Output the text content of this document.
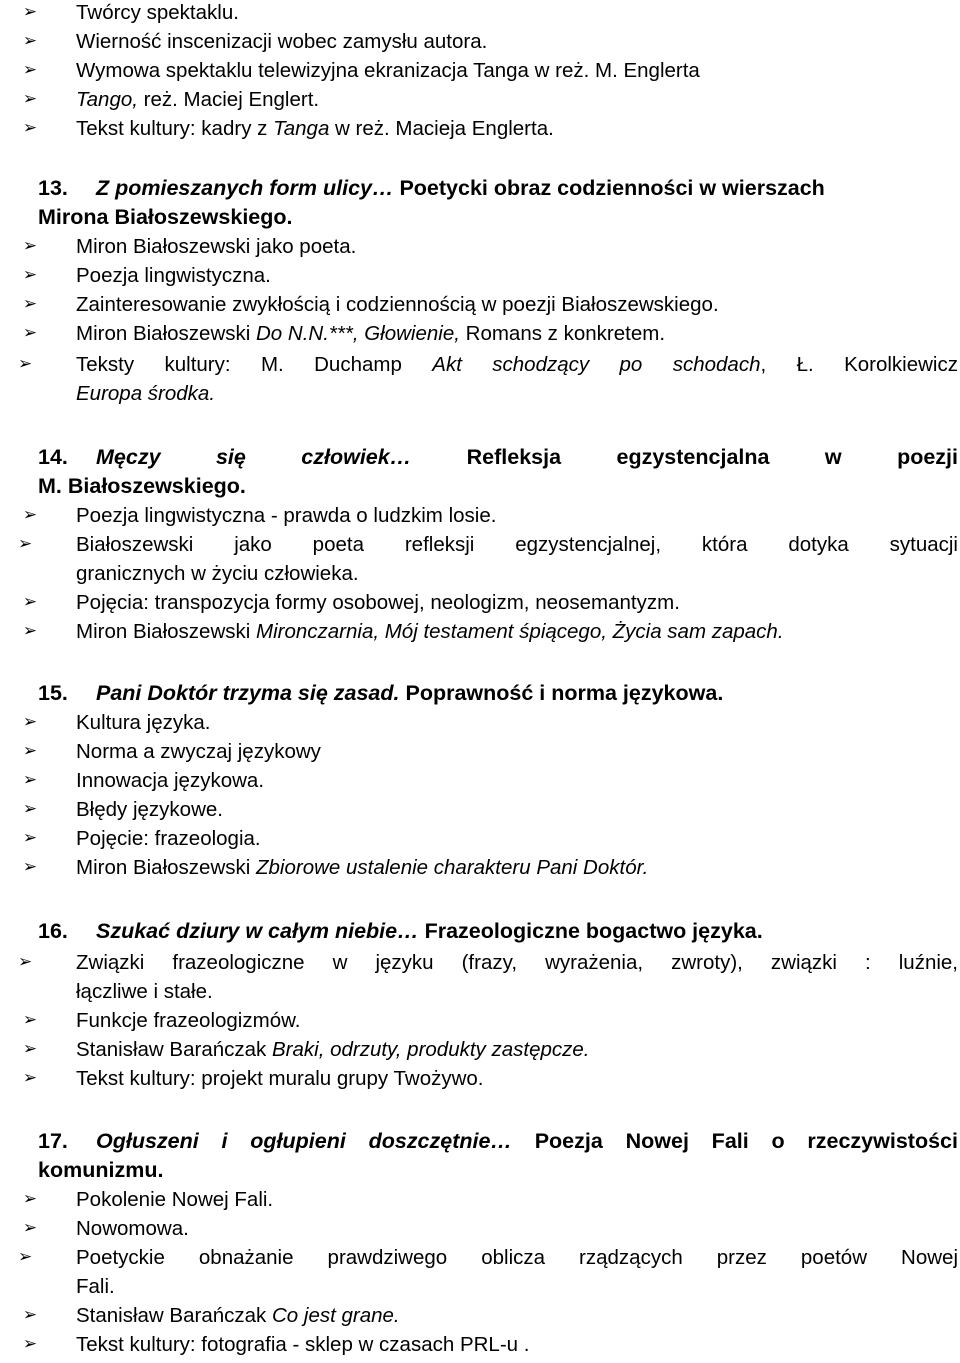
➢ Twórcy spektaklu.
➢ Wierność inscenizacji wobec zamysłu autora.
➢ Wymowa spektaklu telewizyjna ekranizacja Tanga w reż. M. Englerta
➢ Tango, reż. Maciej Englert.
➢ Tekst kultury: kadry z Tanga w reż. Macieja Englerta.
13. Z pomieszanych form ulicy… Poetycki obraz codzienności w wierszach
Mirona Białoszewskiego.
➢ Miron Białoszewski jako poeta.
➢ Poezja lingwistyczna.
➢ Zainteresowanie zwykłością i codziennością w poezji Białoszewskiego.
➢ Miron Białoszewski Do N.N.***, Głowienie, Romans z konkretem.
➢	Teksty kultury: M. Duchamp Akt schodzący po schodach, Ł. Korolkiewicz
Europa środka.
14. Męczy się człowiek… Refleksja egzystencjalna w poezji
M. Białoszewskiego.
➢ Poezja lingwistyczna - prawda o ludzkim losie.
➢	Białoszewski jako poeta refleksji egzystencjalnej, która dotyka sytuacji
granicznych w życiu człowieka.
➢ Pojęcia: transpozycja formy osobowej, neologizm, neosemantyzm.
➢ Miron Białoszewski Mironczarnia, Mój testament śpiącego, Życia sam zapach.
15. Pani Doktór trzyma się zasad. Poprawność i norma językowa.
➢ Kultura języka.
➢ Norma a zwyczaj językowy
➢ Innowacja językowa.
➢ Błędy językowe.
➢ Pojęcie: frazeologia.
➢ Miron Białoszewski Zbiorowe ustalenie charakteru Pani Doktór.
16. Szukać dziury w całym niebie… Frazeologiczne bogactwo języka.
➢	Związki frazeologiczne w języku (frazy, wyrażenia, zwroty), związki : luźnie,
łączliwe i stałe.
➢ Funkcje frazeologizmów.
➢ Stanisław Barańczak Braki, odrzuty, produkty zastępcze.
➢ Tekst kultury: projekt muralu grupy Twożywo.
17. Ogłuszeni i ogłupieni doszczętnie… Poezja Nowej Fali o rzeczywistości
komunizmu.
➢ Pokolenie Nowej Fali.
➢ Nowomowa.
➢	Poetyckie obnażanie prawdziwego oblicza rządzących przez poetów Nowej
Fali.
➢ Stanisław Barańczak Co jest grane.
➢ Tekst kultury: fotografia - sklep w czasach PRL-u .
